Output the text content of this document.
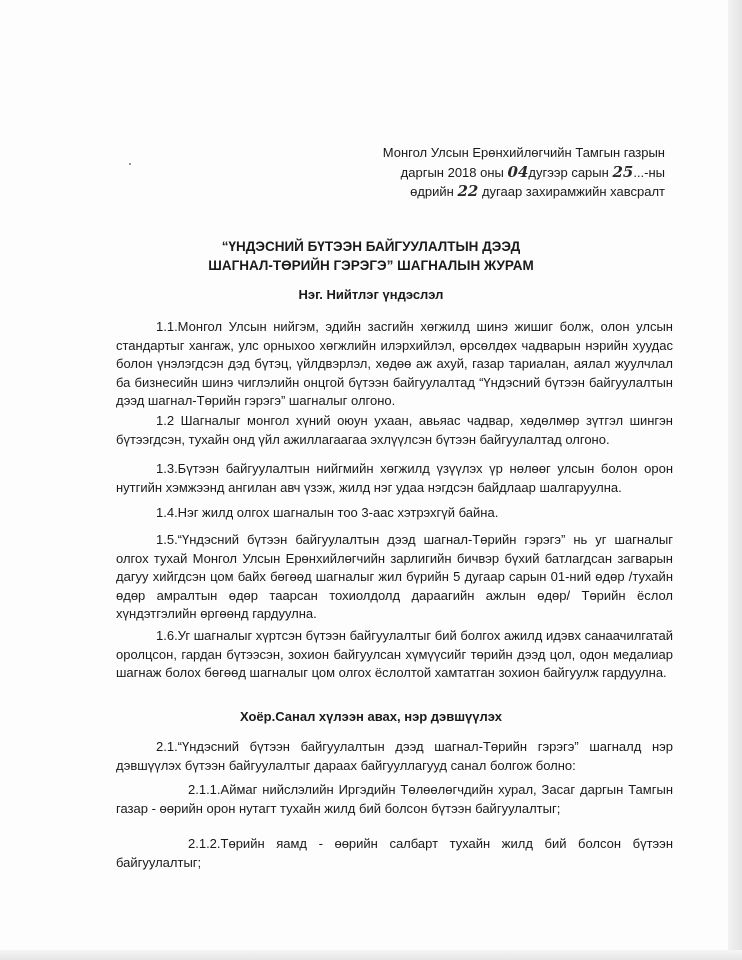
Монгол Улсын Ерөнхийлөгчийн Тамгын газрын
даргын 2018 оны 04дугээр сарын 25...-ны
өдрийн 22 дугаар захирамжийн хавсралт
“ҮНДЭСНИЙ БҮТЭЭН БАЙГУУЛАЛТЫН ДЭЭД
ШАГНАЛ-ТӨРИЙН ГЭРЭГЭ” ШАГНАЛЫН ЖУРАМ
Нэг. Нийтлэг үндэслэл
1.1.Монгол Улсын нийгэм, эдийн засгийн хөгжилд шинэ жишиг болж, олон улсын стандартыг хангаж, улс орныхоо хөгжлийн илэрхийлэл, өрсөлдөх чадварын нэрийн хуудас болон үнэлэгдсэн дэд бүтэц, үйлдвэрлэл, хөдөө аж ахуй, газар тариалан, аялал жуулчлал ба бизнесийн шинэ чиглэлийн онцгой бүтээн байгуулалтад “Үндэсний бүтээн байгуулалтын дээд шагнал-Төрийн гэрэгэ” шагналыг олгоно.
1.2 Шагналыг монгол хүний оюун ухаан, авьяас чадвар, хөдөлмөр зүтгэл шингэн бүтээгдсэн, тухайн онд үйл ажиллагаагаа эхлүүлсэн бүтээн байгуулалтад олгоно.
1.3.Бүтээн байгуулалтын нийгмийн хөгжилд үзүүлэх үр нөлөөг улсын болон орон нутгийн хэмжээнд ангилан авч үзэж, жилд нэг удаа нэгдсэн байдлаар шалгаруулна.
1.4.Нэг жилд олгох шагналын тоо 3-аас хэтрэхгүй байна.
1.5.“Үндэсний бүтээн байгуулалтын дээд шагнал-Төрийн гэрэгэ” нь уг шагналыг олгох тухай Монгол Улсын Ерөнхийлөгчийн зарлигийн бичвэр бүхий батлагдсан загварын дагуу хийгдсэн цом байх бөгөөд шагналыг жил бүрийн 5 дугаар сарын 01-ний өдөр /тухайн өдөр амралтын өдөр таарсан тохиолдолд дараагийн ажлын өдөр/ Төрийн ёслол хүндэтгэлийн өргөөнд гардуулна.
1.6.Уг шагналыг хүртсэн бүтээн байгуулалтыг бий болгох ажилд идэвх санаачилгатай оролцсон, гардан бүтээсэн, зохион байгуулсан хүмүүсийг төрийн дээд цол, одон медалиар шагнаж болох бөгөөд шагналыг цом олгох ёслолтой хамтатган зохион байгуулж гардуулна.
Хоёр.Санал хүлээн авах, нэр дэвшүүлэх
2.1.“Үндэсний бүтээн байгуулалтын дээд шагнал-Төрийн гэрэгэ” шагналд нэр дэвшүүлэх бүтээн байгуулалтыг дараах байгууллагууд санал болгож болно:
2.1.1.Аймаг нийслэлийн Иргэдийн Төлөөлөгчдийн хурал, Засаг даргын Тамгын газар - өөрийн орон нутагт тухайн жилд бий болсон бүтээн байгуулалтыг;
2.1.2.Төрийн яамд - өөрийн салбарт тухайн жилд бий болсон бүтээн байгуулалтыг;
